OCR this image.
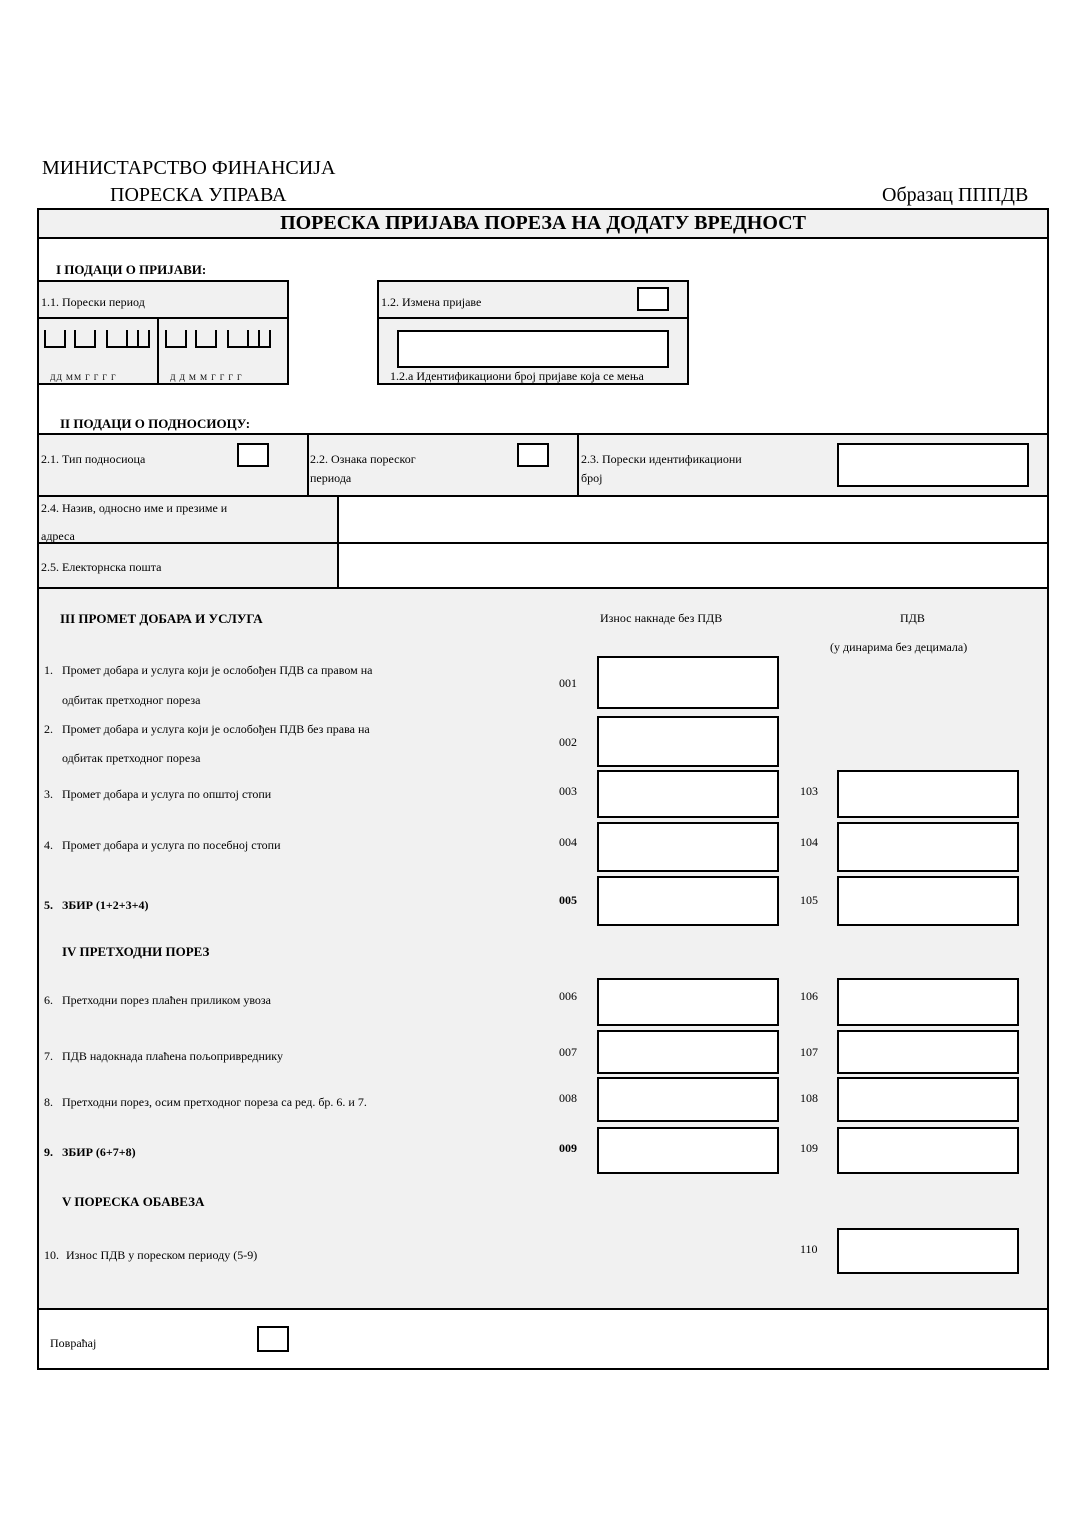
МИНИСТАРСТВО ФИНАНСИЈА
ПОРЕСКА УПРАВА	Образац ПППДВ
ПОРЕСКА ПРИЈАВА ПОРЕЗА НА ДОДАТУ ВРЕДНОСТ
I ПОДАЦИ О ПРИЈАВИ:
1.1. Порески период
ДД ММ Г Г Г Г	Д Д М М Г Г Г Г
1.2. Измена пријаве
1.2.а Идентификациони број пријаве која се мења
II ПОДАЦИ О ПОДНОСИОЦУ:
2.1. Тип подносиоца	2.2. Ознака пореског
периода
2.3. Порески идентификациони
број
2.4. Назив, односно име и презиме и
адреса
2.5. Електорнска пошта
III ПРОМЕТ ДОБАРА И УСЛУГА	Износ накнаде без ПДВ	ПДВ
(у динарима без децимала)
1. Промет добара и услуга који је ослобођен ПДВ са правом на
одбитак претходног пореза
001
2. Промет добара и услуга који је ослобођен ПДВ без права на
одбитак претходног пореза
002
3. Промет добара и услуга по општој стопи	003	103
4. Промет добара и услуга по посебној стопи	004	104
5. ЗБИР (1+2+3+4)	005	105
IV ПРЕТХОДНИ ПОРЕЗ
6. Претходни порез плаћен приликом увоза	006	106
7. ПДВ надокнада плаћена пољопривреднику	007	107
8. Претходни порез, осим претходног пореза са ред. бр. 6. и 7.	008	108
9. ЗБИР (6+7+8)	009	109
V ПОРЕСКА ОБАВЕЗА
10. Износ ПДВ у пореском периоду (5-9)	110
Повраћај
